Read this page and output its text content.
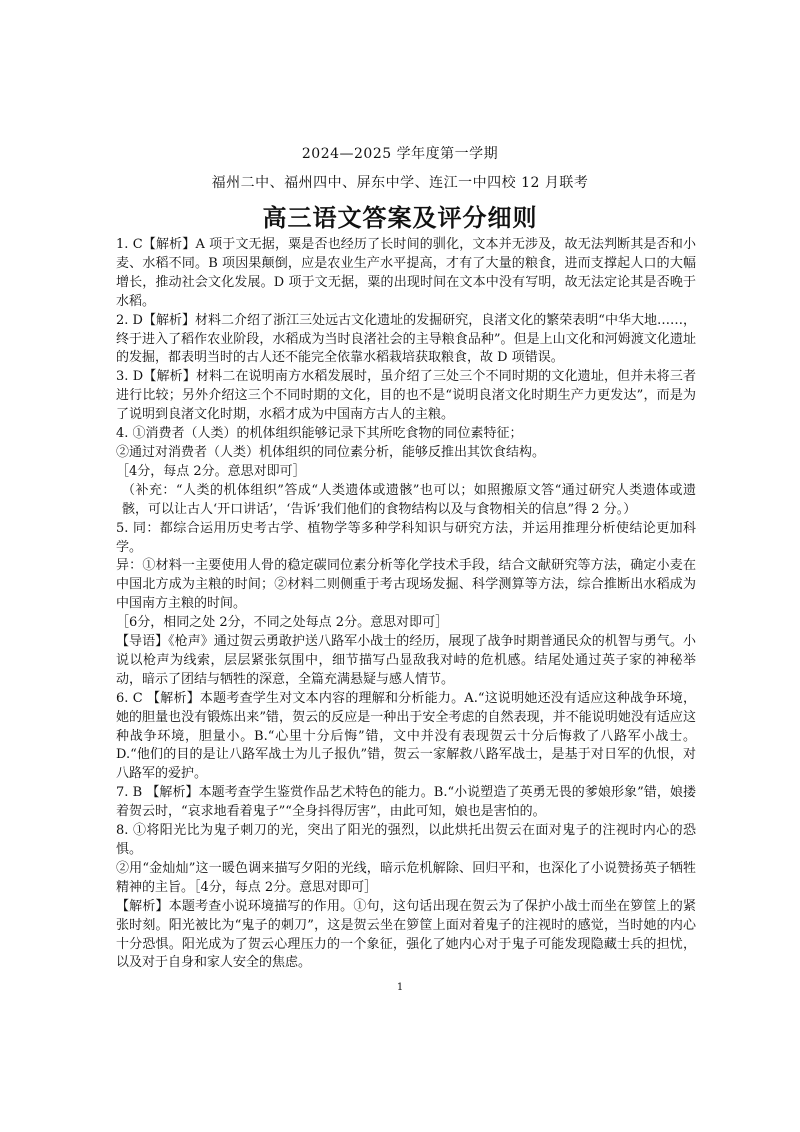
2024—2025 学年度第一学期
福州二中、福州四中、屏东中学、连江一中四校 12 月联考
高三语文答案及评分细则

1. C【解析】A 项于文无据，粟是否也经历了长时间的驯化，文本并无涉及，故无法判断其是否和小麦、水稻不同。B 项因果颠倒，应是农业生产水平提高，才有了大量的粮食，进而支撑起人口的大幅增长，推动社会文化发展。D 项于文无据，粟的出现时间在文本中没有写明，故无法定论其是否晚于水稻。

2. D【解析】材料二介绍了浙江三处远古文化遗址的发掘研究，良渚文化的繁荣表明“中华大地……，终于进入了稻作农业阶段，水稻成为当时良渚社会的主导粮食品种”。但是上山文化和河姆渡文化遗址的发掘，都表明当时的古人还不能完全依靠水稻栽培获取粮食，故 D 项错误。

3. D【解析】材料二在说明南方水稻发展时，虽介绍了三处三个不同时期的文化遗址，但并未将三者进行比较；另外介绍这三个不同时期的文化，目的也不是“说明良渚文化时期生产力更发达”，而是为了说明到良渚文化时期，水稻才成为中国南方古人的主粮。

4. ①消费者（人类）的机体组织能够记录下其所吃食物的同位素特征；

②通过对消费者（人类）机体组织的同位素分析，能够反推出其饮食结构。

［4分，每点 2分。意思对即可］

（补充：“人类的机体组织”答成“人类遗体或遗骸”也可以；如照搬原文答“通过研究人类遗体或遗骸，可以让古人‘开口讲话’，‘告诉’我们他们的食物结构以及与食物相关的信息”得 2 分。）

5. 同：都综合运用历史考古学、植物学等多种学科知识与研究方法，并运用推理分析使结论更加科学。

异：①材料一主要使用人骨的稳定碳同位素分析等化学技术手段，结合文献研究等方法，确定小麦在中国北方成为主粮的时间；②材料二则侧重于考古现场发掘、科学测算等方法，综合推断出水稻成为中国南方主粮的时间。

［6分，相同之处 2分，不同之处每点 2分。意思对即可］

【导语】《枪声》通过贺云勇敢护送八路军小战士的经历，展现了战争时期普通民众的机智与勇气。小说以枪声为线索，层层紧张氛围中，细节描写凸显敌我对峙的危机感。结尾处通过英子家的神秘举动，暗示了团结与牺牲的深意，全篇充满悬疑与感人情节。

6. C 【解析】本题考查学生对文本内容的理解和分析能力。A.“这说明她还没有适应这种战争环境，她的胆量也没有锻炼出来”错，贺云的反应是一种出于安全考虑的自然表现，并不能说明她没有适应这种战争环境，胆量小。B.“心里十分后悔”错，文中并没有表现贺云十分后悔救了八路军小战士。D.“他们的目的是让八路军战士为儿子报仇”错，贺云一家解救八路军战士，是基于对日军的仇恨，对八路军的爱护。

7. B 【解析】本题考查学生鉴赏作品艺术特色的能力。B.“小说塑造了英勇无畏的爹娘形象”错，娘搂着贺云时，“哀求地看着鬼子”“全身抖得厉害”，由此可知，娘也是害怕的。

8. ①将阳光比为鬼子刺刀的光，突出了阳光的强烈，以此烘托出贺云在面对鬼子的注视时内心的恐惧。

②用“金灿灿”这一暖色调来描写夕阳的光线，暗示危机解除、回归平和，也深化了小说赞扬英子牺牲精神的主旨。［4分，每点 2分。意思对即可］

【解析】本题考查小说环境描写的作用。①句，这句话出现在贺云为了保护小战士而坐在箩筐上的紧张时刻。阳光被比为“鬼子的刺刀”，这是贺云坐在箩筐上面对着鬼子的注视时的感觉，当时她的内心十分恐惧。阳光成为了贺云心理压力的一个象征，强化了她内心对于鬼子可能发现隐藏士兵的担忧，以及对于自身和家人安全的焦虑。

1
